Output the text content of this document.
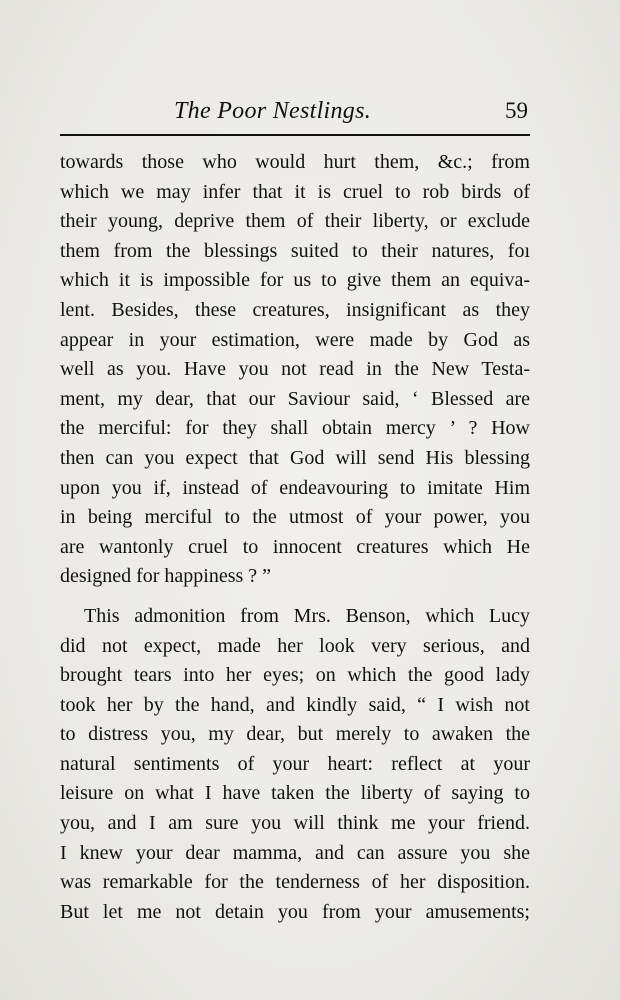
The Poor Nestlings.	59
towards those who would hurt them, &c.; from
which we may infer that it is cruel to rob birds of
their young, deprive them of their liberty, or exclude
them from the blessings suited to their natures, foı
which it is impossible for us to give them an equiva-
lent. Besides, these creatures, insignificant as they
appear in your estimation, were made by God as
well as you. Have you not read in the New Testa-
ment, my dear, that our Saviour said, ‘ Blessed are
the merciful: for they shall obtain mercy ’ ? How
then can you expect that God will send His blessing
upon you if, instead of endeavouring to imitate Him
in being merciful to the utmost of your power, you
are wantonly cruel to innocent creatures which He
designed for happiness ? ”
This admonition from Mrs. Benson, which Lucy
did not expect, made her look very serious, and
brought tears into her eyes; on which the good lady
took her by the hand, and kindly said, “ I wish not
to distress you, my dear, but merely to awaken the
natural sentiments of your heart: reflect at your
leisure on what I have taken the liberty of saying to
you, and I am sure you will think me your friend.
I knew your dear mamma, and can assure you she
was remarkable for the tenderness of her disposition.
But let me not detain you from your amusements;
